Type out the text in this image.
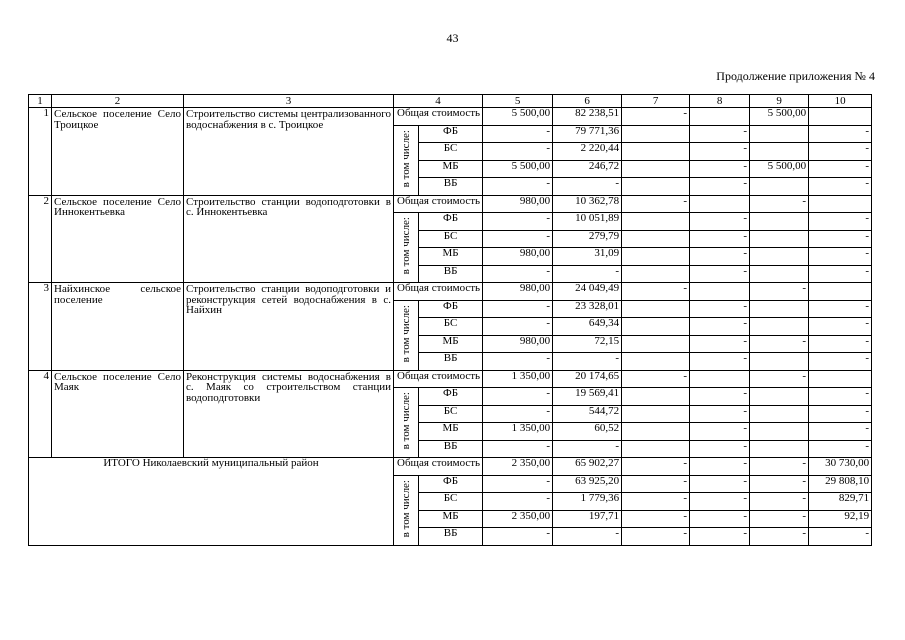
43
Продолжение приложения № 4
1	2	3	4		5	6	7	8	9	10
1	Сельское поселение Село Троицкое	Строительство системы централизованного водоснабжения в с. Троицкое	Общая стоимость		5 500,00	82 238,51	-		5 500,00	
			в том числе:	ФБ	-	79 771,36		-		-
				БС	-	2 220,44		-		-
				МБ	5 500,00	246,72		-	5 500,00	-
				ВБ	-	-		-		-
2	Сельское поселение Село Иннокентьевка	Строительство станции водоподготовки в с. Иннокентьевка	Общая стоимость		980,00	10 362,78	-		-	
			в том числе:	ФБ	-	10 051,89		-		-
				БС	-	279,79		-		-
				МБ	980,00	31,09		-		-
				ВБ	-	-		-		-
3	Найхинское сельское поселение	Строительство станции водоподготовки и реконструкция сетей водоснабжения в с. Найхин	Общая стоимость		980,00	24 049,49	-		-	
			в том числе:	ФБ	-	23 328,01		-		-
				БС	-	649,34		-		-
				МБ	980,00	72,15		-	-	-
				ВБ	-	-		-		-
4	Сельское поселение Село Маяк	Реконструкция системы водоснабжения в с. Маяк со строительством станции водоподготовки	Общая стоимость		1 350,00	20 174,65	-		-	
			в том числе:	ФБ	-	19 569,41		-		-
				БС	-	544,72		-		-
				МБ	1 350,00	60,52		-		-
				ВБ	-	-		-		-
ИТОГО Николаевский муниципальный район			Общая стоимость		2 350,00	65 902,27	-	-	-	30 730,00
			в том числе:	ФБ	-	63 925,20	-	-	-	29 808,10
				БС	-	1 779,36	-	-	-	829,71
				МБ	2 350,00	197,71	-	-	-	92,19
				ВБ	-	-	-	-	-	-
